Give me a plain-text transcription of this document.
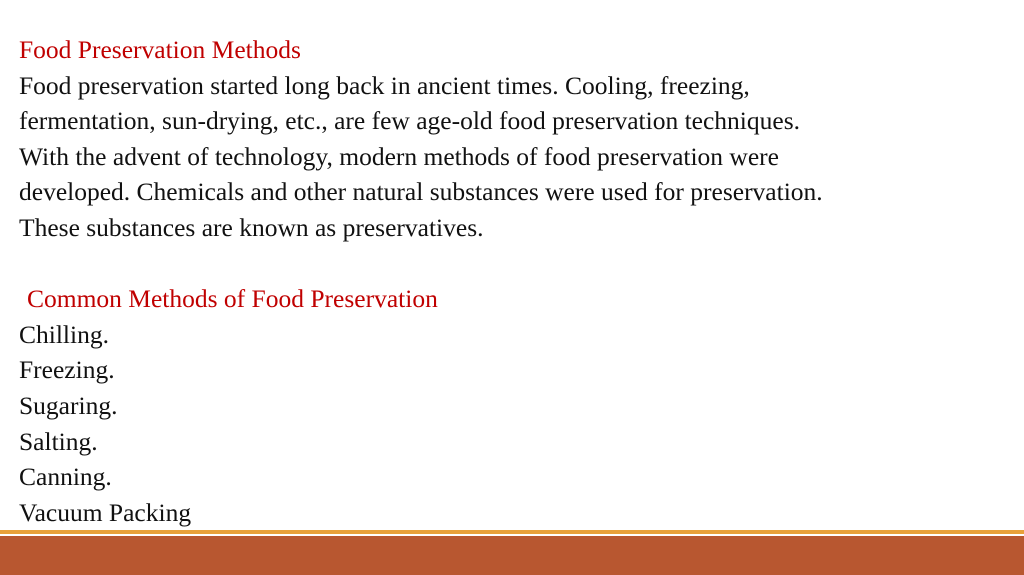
Food Preservation Methods
Food preservation started long back in ancient times. Cooling, freezing,
fermentation, sun-drying, etc., are few age-old food preservation techniques.
With the advent of technology, modern methods of food preservation were
developed. Chemicals and other natural substances were used for preservation.
These substances are known as preservatives.
Common Methods of Food Preservation
Chilling.
Freezing.
Sugaring.
Salting.
Canning.
Vacuum Packing
